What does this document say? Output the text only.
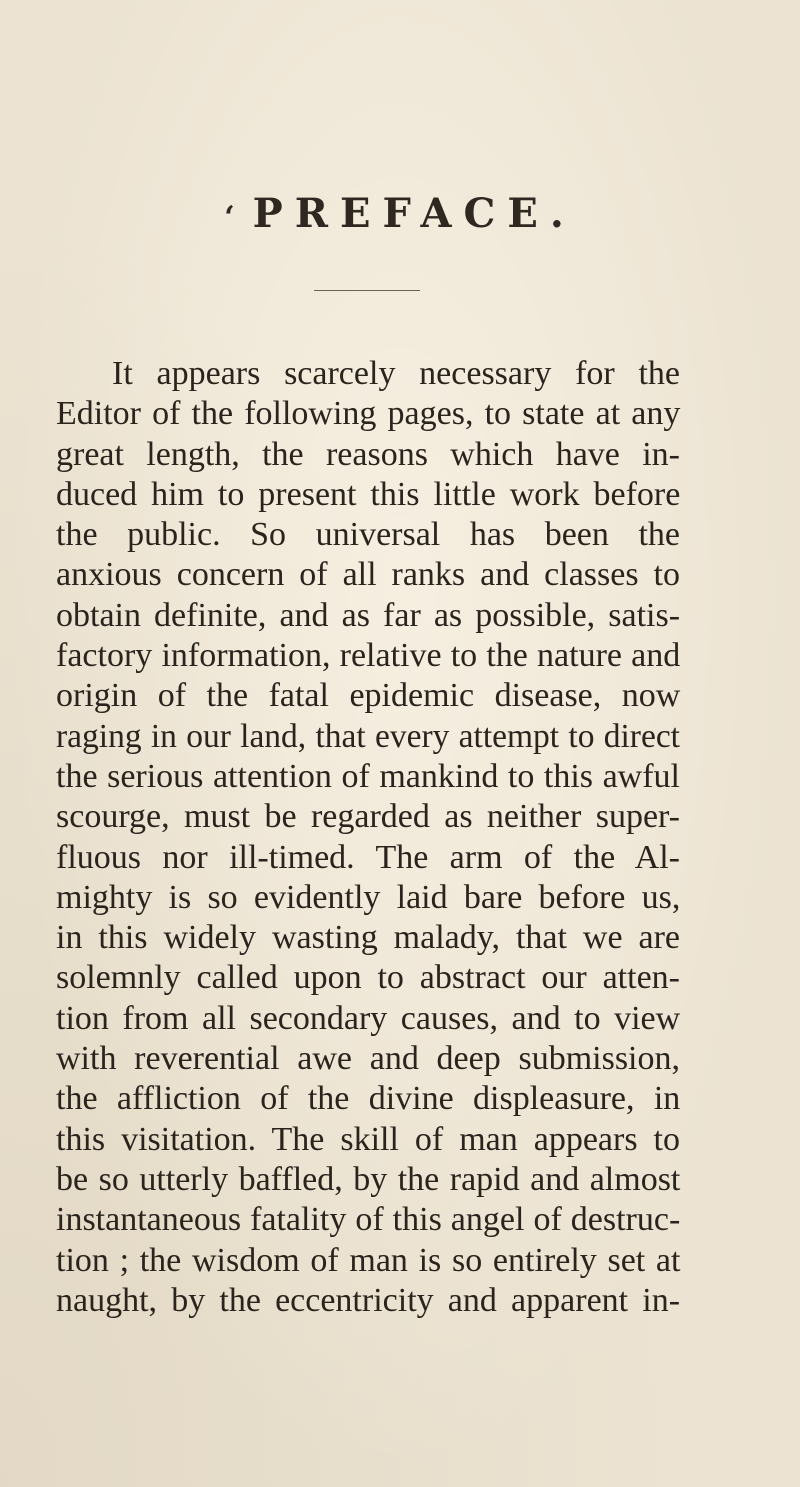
‘ PREFACE.
It appears scarcely necessary for the
Editor of the following pages, to state at any
great length, the reasons which have in-
duced him to present this little work before
the public. So universal has been the
anxious concern of all ranks and classes to
obtain definite, and as far as possible, satis-
factory information, relative to the nature and
origin of the fatal epidemic disease, now
raging in our land, that every attempt to direct
the serious attention of mankind to this awful
scourge, must be regarded as neither super-
fluous nor ill-timed. The arm of the Al-
mighty is so evidently laid bare before us,
in this widely wasting malady, that we are
solemnly called upon to abstract our atten-
tion from all secondary causes, and to view
with reverential awe and deep submission,
the affliction of the divine displeasure, in
this visitation. The skill of man appears to
be so utterly baffled, by the rapid and almost
instantaneous fatality of this angel of destruc-
tion ; the wisdom of man is so entirely set at
naught, by the eccentricity and apparent in-
